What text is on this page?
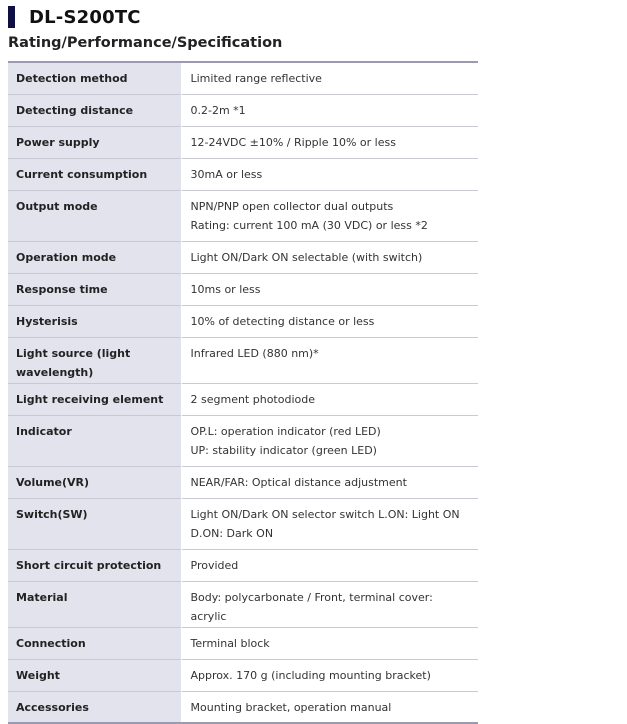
DL-S200TC
Rating/Performance/Specification
Detection method	Limited range reflective

Detecting distance	0.2-2m *1

Power supply	12-24VDC ±10% / Ripple 10% or less

Current consumption	30mA or less

Output mode	NPN/PNP open collector dual outputs
Rating: current 100 mA (30 VDC) or less *2

Operation mode	Light ON/Dark ON selectable (with switch)

Response time	10ms or less

Hysterisis	10% of detecting distance or less

Light source (light wavelength)	Infrared LED (880 nm)*

Light receiving element	2 segment photodiode

Indicator	OP.L: operation indicator (red LED)
UP: stability indicator (green LED)

Volume(VR)	NEAR/FAR: Optical distance adjustment

Switch(SW)	Light ON/Dark ON selector switch L.ON: Light ON
D.ON: Dark ON

Short circuit protection	Provided

Material	Body: polycarbonate / Front, terminal cover: acrylic

Connection	Terminal block

Weight	Approx. 170 g (including mounting bracket)

Accessories	Mounting bracket, operation manual
